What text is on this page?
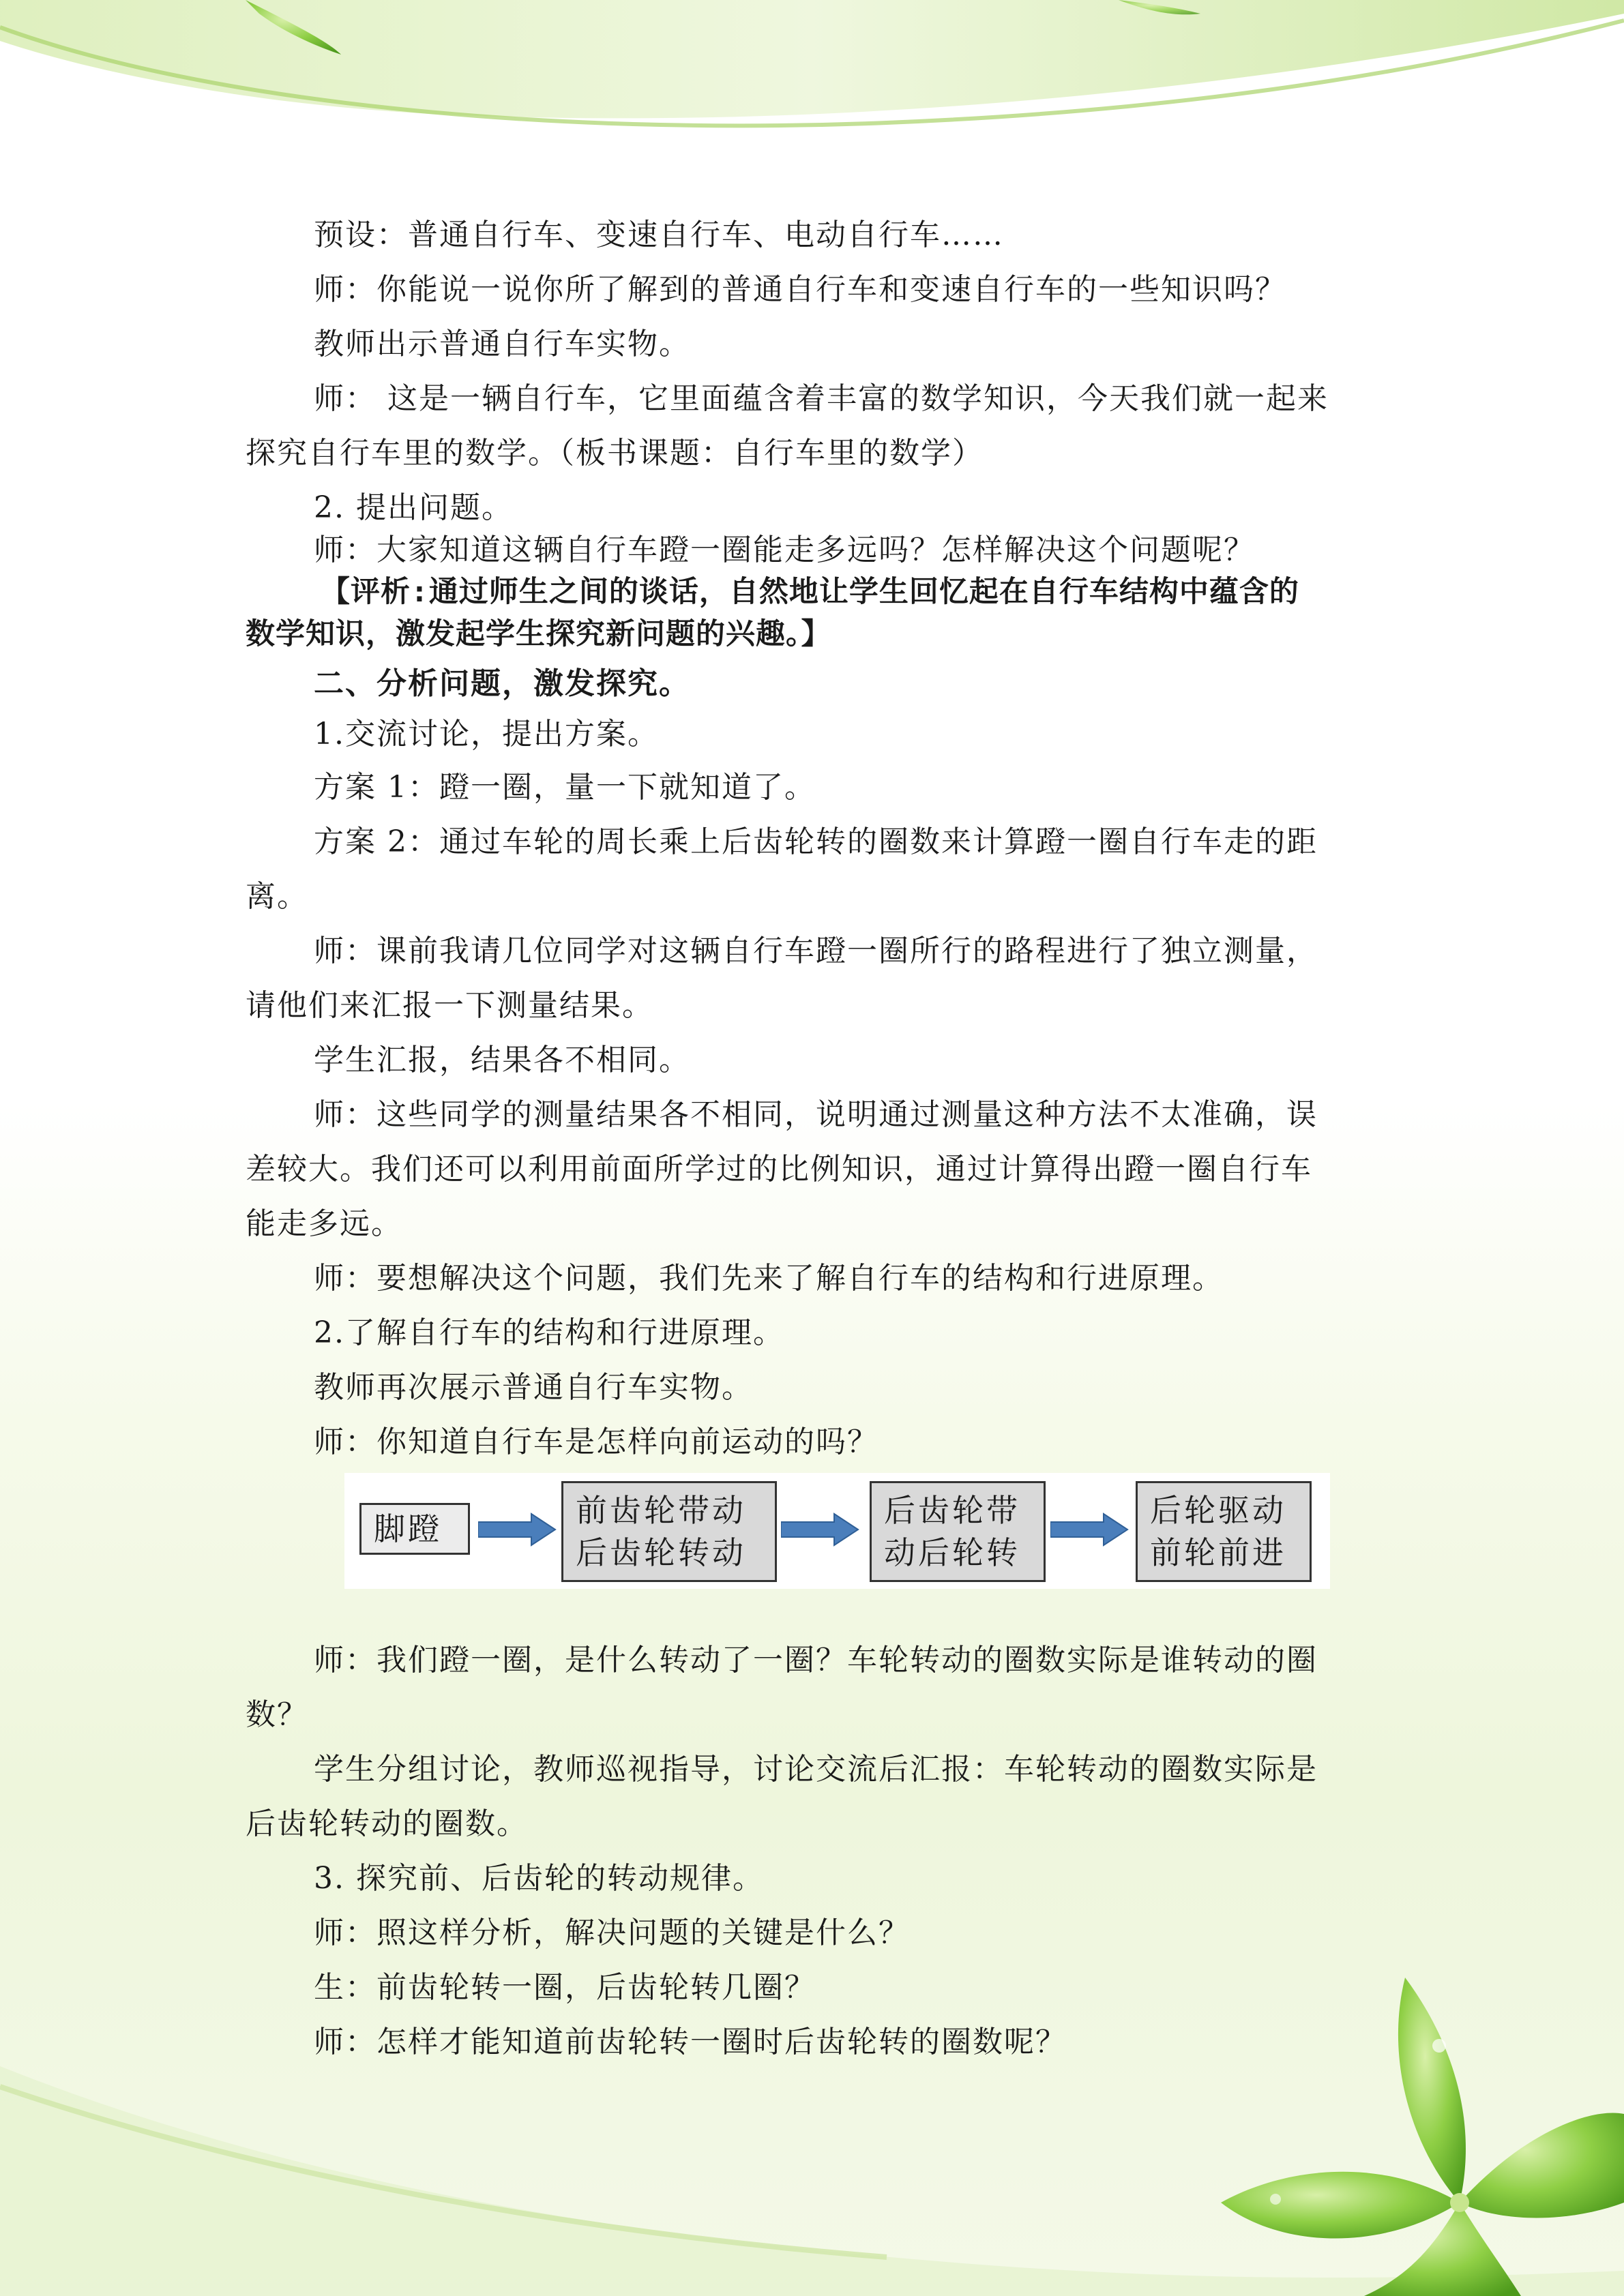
预设：普通自行车、变速自行车、电动自行车……
师：你能说一说你所了解到的普通自行车和变速自行车的一些知识吗？
教师出示普通自行车实物。
师： 这是一辆自行车，它里面蕴含着丰富的数学知识，今天我们就一起来
探究自行车里的数学。（板书课题：自行车里的数学）
2. 提出问题。
师：大家知道这辆自行车蹬一圈能走多远吗？怎样解决这个问题呢？
【评析:通过师生之间的谈话，自然地让学生回忆起在自行车结构中蕴含的
数学知识，激发起学生探究新问题的兴趣。】
二、分析问题，激发探究。
1.交流讨论，提出方案。
方案 1：蹬一圈，量一下就知道了。
方案 2：通过车轮的周长乘上后齿轮转的圈数来计算蹬一圈自行车走的距
离。
师：课前我请几位同学对这辆自行车蹬一圈所行的路程进行了独立测量，
请他们来汇报一下测量结果。
学生汇报，结果各不相同。
师：这些同学的测量结果各不相同，说明通过测量这种方法不太准确，误
差较大。我们还可以利用前面所学过的比例知识，通过计算得出蹬一圈自行车
能走多远。
师：要想解决这个问题，我们先来了解自行车的结构和行进原理。
2.了解自行车的结构和行进原理。
教师再次展示普通自行车实物。
师：你知道自行车是怎样向前运动的吗？
师：我们蹬一圈，是什么转动了一圈？车轮转动的圈数实际是谁转动的圈
数？
学生分组讨论，教师巡视指导，讨论交流后汇报：车轮转动的圈数实际是
后齿轮转动的圈数。
3. 探究前、后齿轮的转动规律。
师：照这样分析，解决问题的关键是什么？
生：前齿轮转一圈，后齿轮转几圈？
师：怎样才能知道前齿轮转一圈时后齿轮转的圈数呢？
脚蹬	前齿轮带动
后齿轮转动
后齿轮带
动后轮转
后轮驱动
前轮前进
